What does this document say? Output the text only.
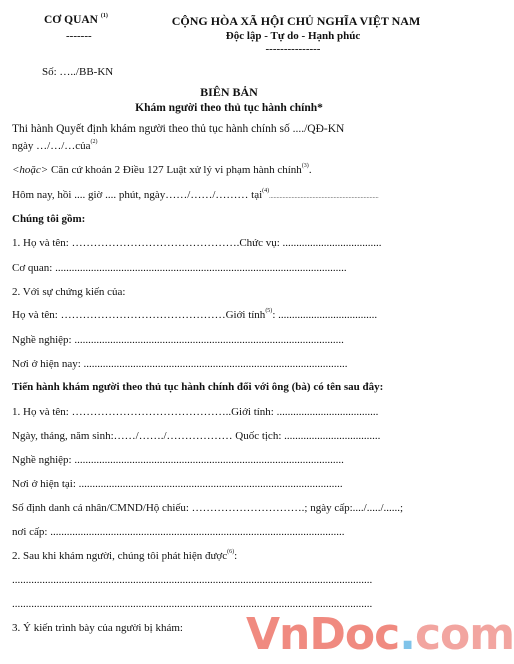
CƠ QUAN $^{(1)}$
-------
CỘNG HÒA XÃ HỘI CHỦ NGHĨA VIỆT NAM
Độc lập - Tự do - Hạnh phúc
---------------
Số: …../BB-KN
BIÊN BẢN
Khám người theo thủ tục hành chính*
Thi hành Quyết định khám người theo thủ tục hành chính số ..../QĐ-KN
ngày …/…/…của$^{(2)}$
<hoặc> Căn cứ khoản 2 Điều 127 Luật xử lý vi phạm hành chính$^{(3)}$.
Hôm nay, hồi .... giờ .... phút, ngày……/……/……… tại$^{(4)}$.........................................................................
Chúng tôi gồm:
1. Họ và tên: ……………………………………….Chức vụ: ....................................
Cơ quan: ..........................................................................................................
2. Với sự chứng kiến của:
Họ và tên: ………………………………………Giới tính$^{(5)}$: ....................................
Nghề nghiệp: ..................................................................................................
Nơi ở hiện nay: ................................................................................................
Tiến hành khám người theo thủ tục hành chính đối với ông (bà) có tên sau đây:
1. Họ và tên: ……………………………………..Giới tính: .....................................
Ngày, tháng, năm sinh:……/……./……………… Quốc tịch: ...................................
Nghề nghiệp: ..................................................................................................
Nơi ở hiện tại: ................................................................................................
Số định danh cá nhân/CMND/Hộ chiếu: ………………………….; ngày cấp:..../...../......;
nơi cấp: ...........................................................................................................
2. Sau khi khám người, chúng tôi phát hiện được$^{(6)}$:
...................................................................................................................................
...................................................................................................................................
3. Ý kiến trình bày của người bị khám: VnDoc.com
